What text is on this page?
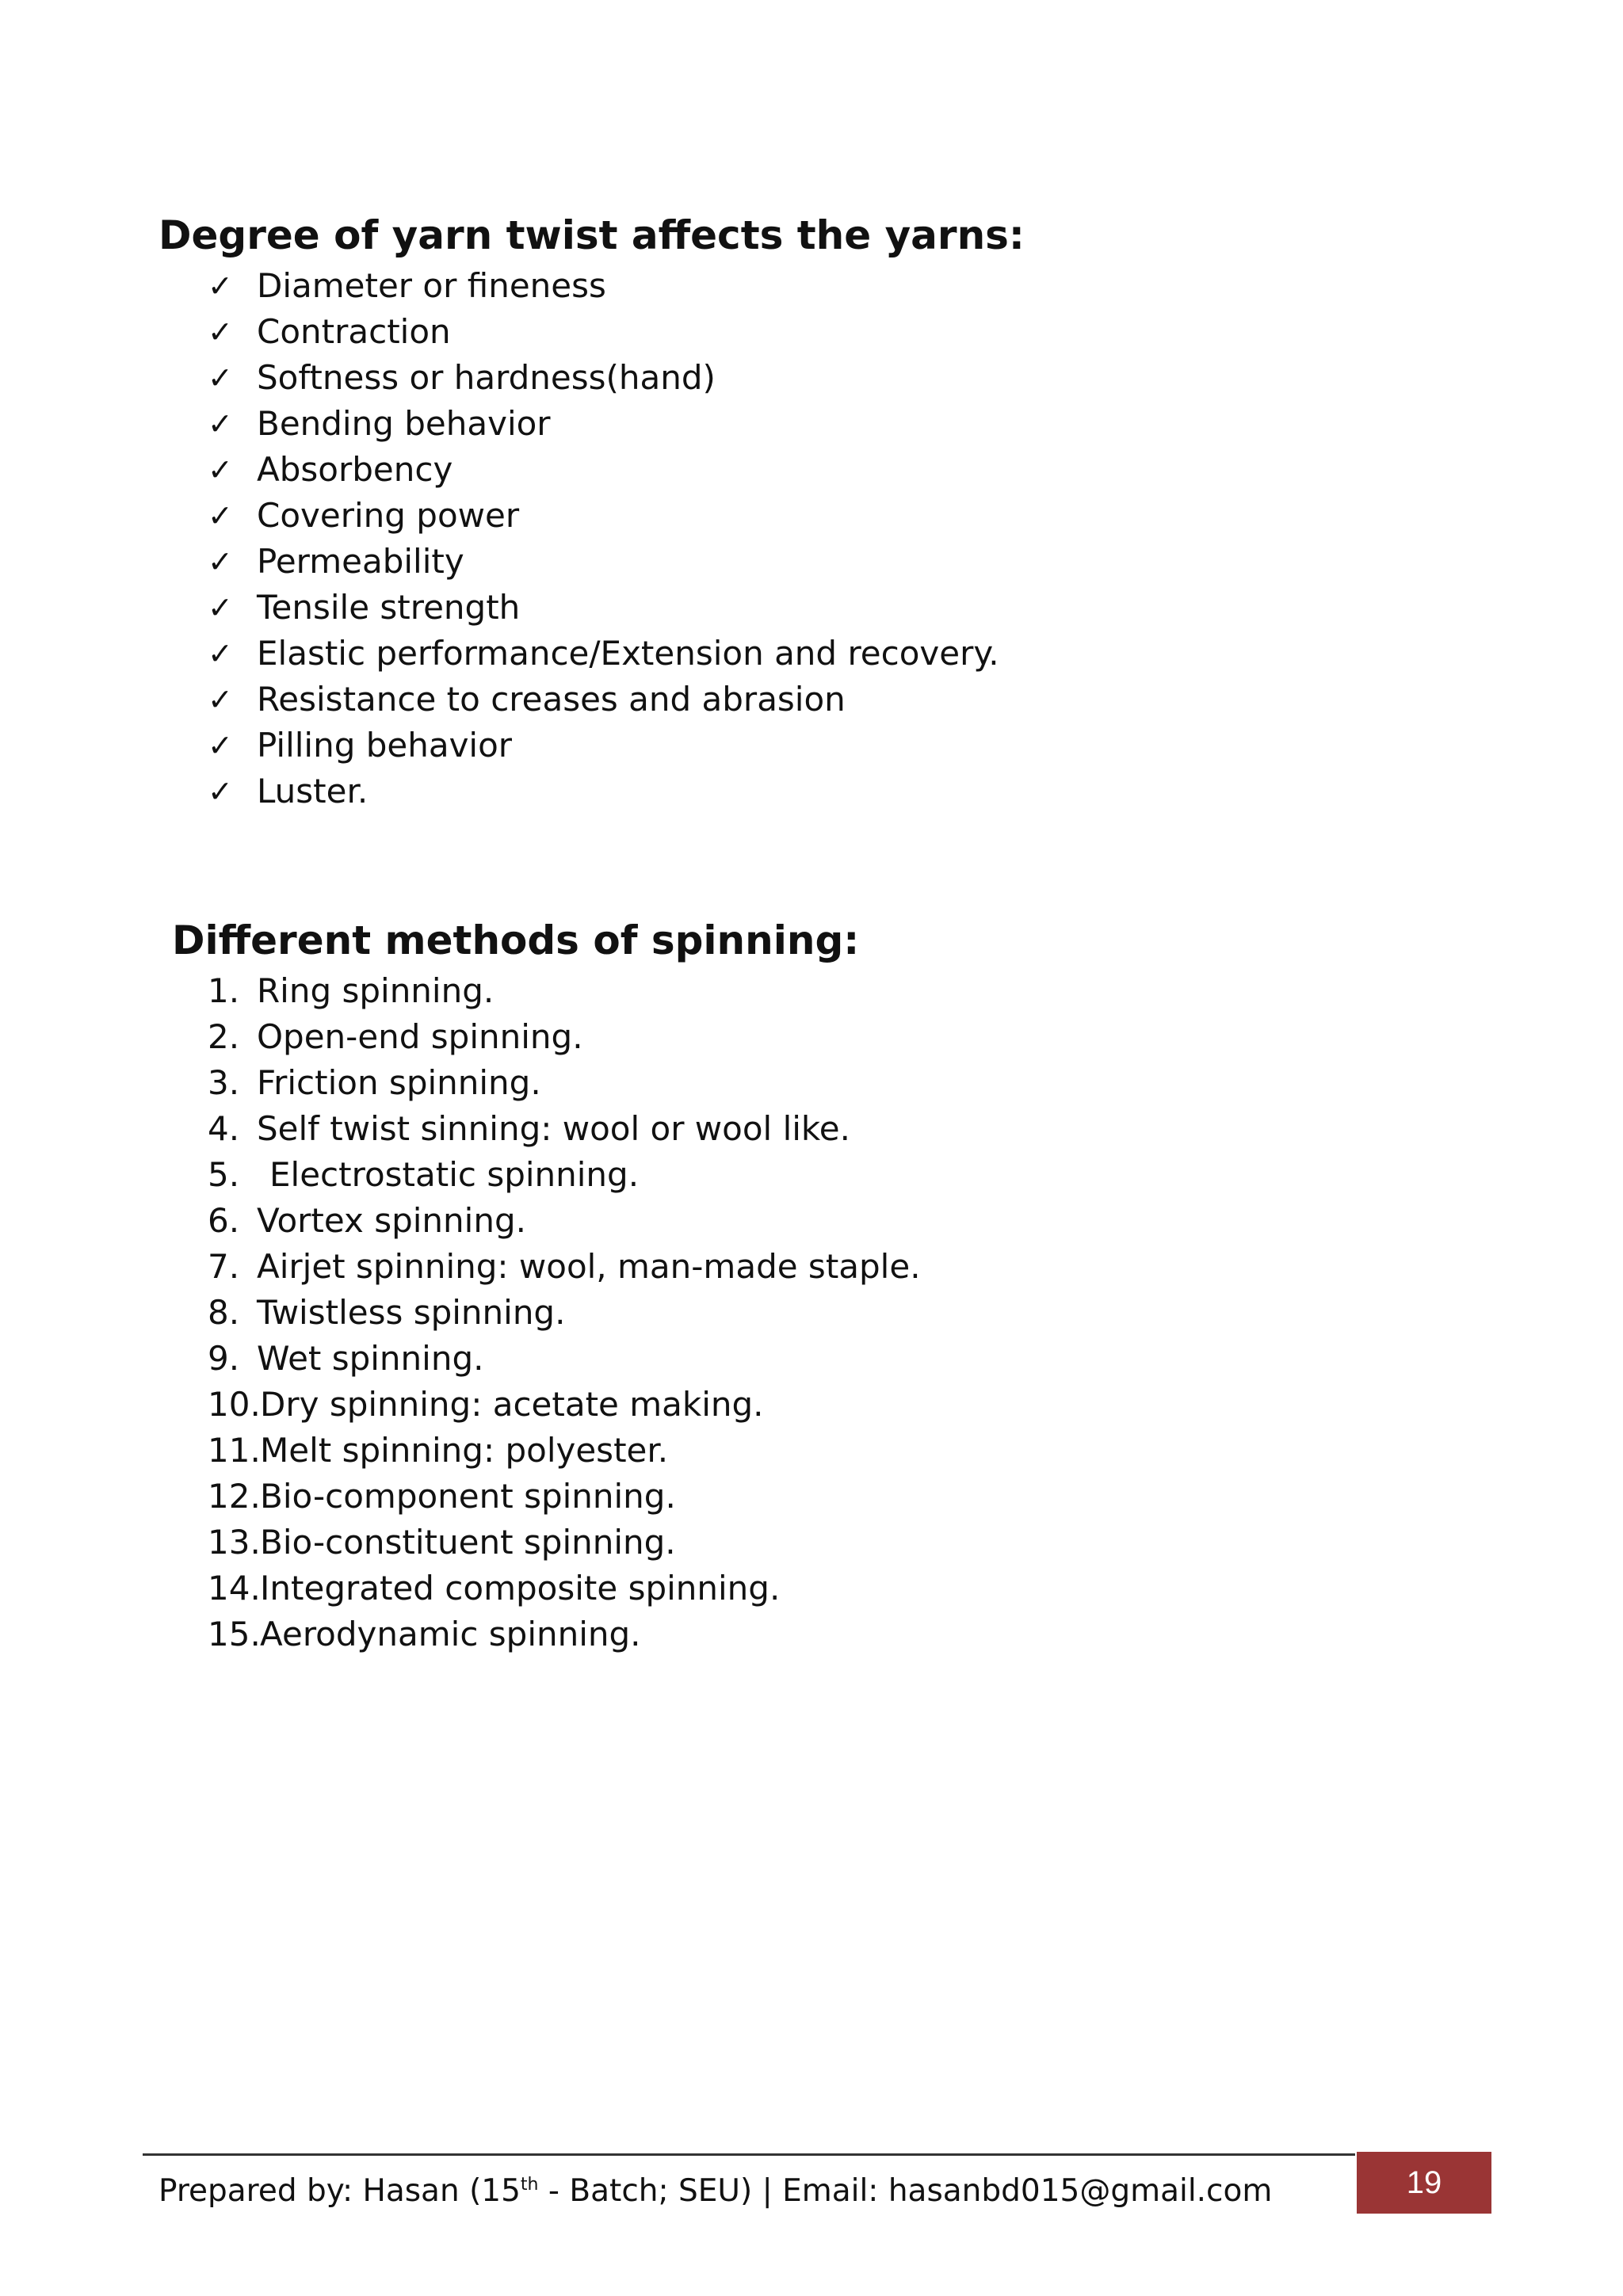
Degree of yarn twist affects the yarns:
✓ Diameter or fineness
✓ Contraction
✓ Softness or hardness(hand)
✓ Bending behavior
✓ Absorbency
✓ Covering power
✓ Permeability
✓ Tensile strength
✓ Elastic performance/Extension and recovery.
✓ Resistance to creases and abrasion
✓ Pilling behavior
✓ Luster.
Different methods of spinning:
1. Ring spinning.
2. Open-end spinning.
3. Friction spinning.
4. Self twist sinning: wool or wool like.
5. Electrostatic spinning.
6. Vortex spinning.
7. Airjet spinning: wool, man-made staple.
8. Twistless spinning.
9. Wet spinning.
10. Dry spinning: acetate making.
11. Melt spinning: polyester.
12. Bio-component spinning.
13. Bio-constituent spinning.
14. Integrated composite spinning.
15. Aerodynamic spinning.
Prepared by: Hasan (15th - Batch; SEU) | Email: hasanbd015@gmail.com	19
